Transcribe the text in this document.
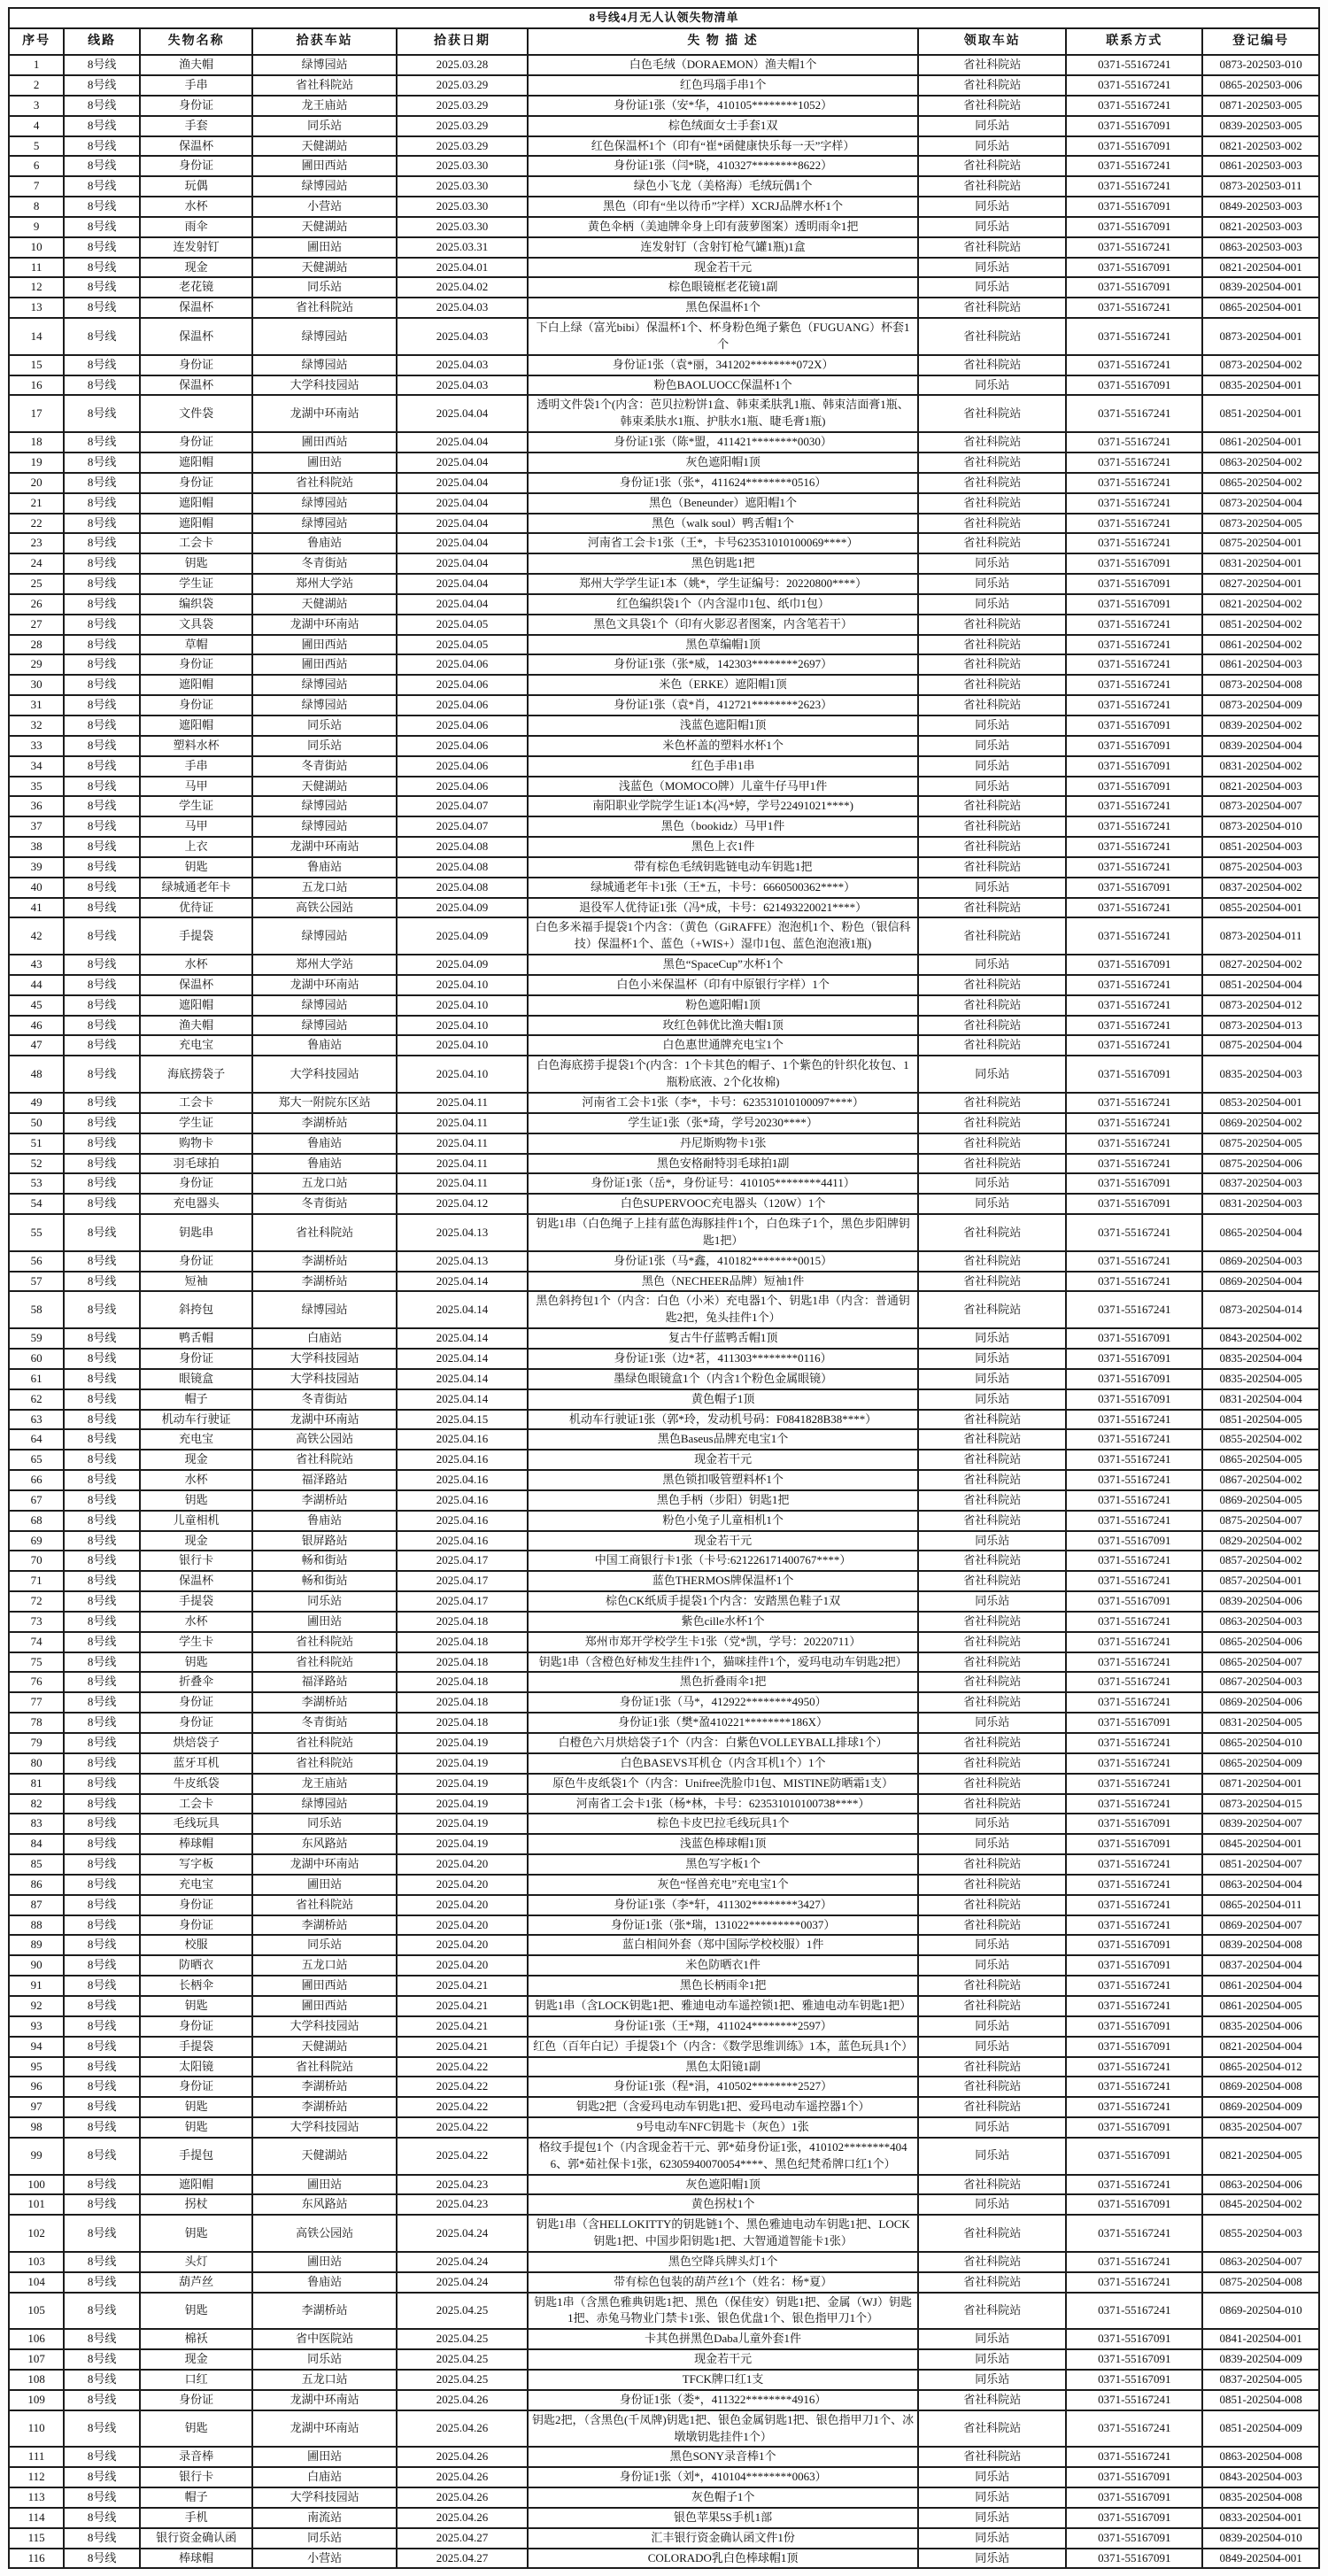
8号线4月无人认领失物清单								
序号	线路	失物名称	拾获车站	拾获日期	失 物 描 述	领取车站	联系方式	登记编号
1	8号线	渔夫帽	绿博园站	2025.03.28	白色毛绒（DORAEMON）渔夫帽1个	省社科院站	0371-55167241	0873-202503-010
2	8号线	手串	省社科院站	2025.03.29	红色玛瑙手串1个	省社科院站	0371-55167241	0865-202503-006
3	8号线	身份证	龙王庙站	2025.03.29	身份证1张（安*华，410105********1052）	省社科院站	0371-55167241	0871-202503-005
4	8号线	手套	同乐站	2025.03.29	棕色绒面女士手套1双	同乐站	0371-55167091	0839-202503-005
5	8号线	保温杯	天健湖站	2025.03.29	红色保温杯1个（印有“崔*函健康快乐每一天”字样）	同乐站	0371-55167091	0821-202503-002
6	8号线	身份证	圃田西站	2025.03.30	身份证1张（闫*晓，410327********8622）	省社科院站	0371-55167241	0861-202503-003
7	8号线	玩偶	绿博园站	2025.03.30	绿色小飞龙（美格海）毛绒玩偶1个	省社科院站	0371-55167241	0873-202503-011
8	8号线	水杯	小营站	2025.03.30	黑色（印有“坐以待币”字样）XCRJ品牌水杯1个	同乐站	0371-55167091	0849-202503-003
9	8号线	雨伞	天健湖站	2025.03.30	黄色伞柄（美迪牌伞身上印有菠萝图案）透明雨伞1把	同乐站	0371-55167091	0821-202503-003
10	8号线	连发射钉	圃田站	2025.03.31	连发射钉（含射钉枪气罐1瓶)1盒	省社科院站	0371-55167241	0863-202503-003
11	8号线	现金	天健湖站	2025.04.01	现金若干元	同乐站	0371-55167091	0821-202504-001
12	8号线	老花镜	同乐站	2025.04.02	棕色眼镜框老花镜1副	同乐站	0371-55167091	0839-202504-001
13	8号线	保温杯	省社科院站	2025.04.03	黑色保温杯1个	省社科院站	0371-55167241	0865-202504-001
14	8号线	保温杯	绿博园站	2025.04.03	下白上绿（富光bibi）保温杯1个、杯身粉色绳子紫色（FUGUANG）杯套1个	省社科院站	0371-55167241	0873-202504-001
15	8号线	身份证	绿博园站	2025.04.03	身份证1张（袁*丽，341202********072X）	省社科院站	0371-55167241	0873-202504-002
16	8号线	保温杯	大学科技园站	2025.04.03	粉色BAOLUOCC保温杯1个	同乐站	0371-55167091	0835-202504-001
17	8号线	文件袋	龙湖中环南站	2025.04.04	透明文件袋1个(内含：芭贝拉粉饼1盒、韩束柔肤乳1瓶、韩束洁面膏1瓶、韩束柔肤水1瓶、护肤水1瓶、睫毛膏1瓶)	省社科院站	0371-55167241	0851-202504-001
18	8号线	身份证	圃田西站	2025.04.04	身份证1张（陈*盟，411421********0030）	省社科院站	0371-55167241	0861-202504-001
19	8号线	遮阳帽	圃田站	2025.04.04	灰色遮阳帽1顶	省社科院站	0371-55167241	0863-202504-002
20	8号线	身份证	省社科院站	2025.04.04	身份证1张（张*，411624********0516）	省社科院站	0371-55167241	0865-202504-002
21	8号线	遮阳帽	绿博园站	2025.04.04	黑色（Beneunder）遮阳帽1个	省社科院站	0371-55167241	0873-202504-004
22	8号线	遮阳帽	绿博园站	2025.04.04	黑色（walk soul）鸭舌帽1个	省社科院站	0371-55167241	0873-202504-005
23	8号线	工会卡	鲁庙站	2025.04.04	河南省工会卡1张（王*，卡号623531010100069****）	省社科院站	0371-55167241	0875-202504-001
24	8号线	钥匙	冬青街站	2025.04.04	黑色钥匙1把	同乐站	0371-55167091	0831-202504-001
25	8号线	学生证	郑州大学站	2025.04.04	郑州大学学生证1本（姚*，学生证编号：20220800****）	同乐站	0371-55167091	0827-202504-001
26	8号线	编织袋	天健湖站	2025.04.04	红色编织袋1个（内含湿巾1包、纸巾1包）	同乐站	0371-55167091	0821-202504-002
27	8号线	文具袋	龙湖中环南站	2025.04.05	黑色文具袋1个（印有火影忍者图案，内含笔若干）	省社科院站	0371-55167241	0851-202504-002
28	8号线	草帽	圃田西站	2025.04.05	黑色草编帽1顶	省社科院站	0371-55167241	0861-202504-002
29	8号线	身份证	圃田西站	2025.04.06	身份证1张（张*威，142303********2697）	省社科院站	0371-55167241	0861-202504-003
30	8号线	遮阳帽	绿博园站	2025.04.06	米色（ERKE）遮阳帽1顶	省社科院站	0371-55167241	0873-202504-008
31	8号线	身份证	绿博园站	2025.04.06	身份证1张（袁*肖，412721********2623）	省社科院站	0371-55167241	0873-202504-009
32	8号线	遮阳帽	同乐站	2025.04.06	浅蓝色遮阳帽1顶	同乐站	0371-55167091	0839-202504-002
33	8号线	塑料水杯	同乐站	2025.04.06	米色杯盖的塑料水杯1个	同乐站	0371-55167091	0839-202504-004
34	8号线	手串	冬青街站	2025.04.06	红色手串1串	同乐站	0371-55167091	0831-202504-002
35	8号线	马甲	天健湖站	2025.04.06	浅蓝色（MOMOCO牌）儿童牛仔马甲1件	同乐站	0371-55167091	0821-202504-003
36	8号线	学生证	绿博园站	2025.04.07	南阳职业学院学生证1本(冯*婷，学号22491021****)	省社科院站	0371-55167241	0873-202504-007
37	8号线	马甲	绿博园站	2025.04.07	黑色（bookidz）马甲1件	省社科院站	0371-55167241	0873-202504-010
38	8号线	上衣	龙湖中环南站	2025.04.08	黑色上衣1件	省社科院站	0371-55167241	0851-202504-003
39	8号线	钥匙	鲁庙站	2025.04.08	带有棕色毛绒钥匙链电动车钥匙1把	省社科院站	0371-55167241	0875-202504-003
40	8号线	绿城通老年卡	五龙口站	2025.04.08	绿城通老年卡1张（王*五，卡号：6660500362****）	同乐站	0371-55167091	0837-202504-002
41	8号线	优待证	高铁公园站	2025.04.09	退役军人优待证1张（冯*成，卡号：621493220021****）	省社科院站	0371-55167241	0855-202504-001
42	8号线	手提袋	绿博园站	2025.04.09	白色多米福手提袋1个内含：（黄色（GiRAFFE）泡泡机1个、粉色（银信科技）保温杯1个、蓝色（+WIS+）湿巾1包、蓝色泡泡液1瓶)	省社科院站	0371-55167241	0873-202504-011
43	8号线	水杯	郑州大学站	2025.04.09	黑色“SpaceCup”水杯1个	同乐站	0371-55167091	0827-202504-002
44	8号线	保温杯	龙湖中环南站	2025.04.10	白色小米保温杯（印有中原银行字样）1个	省社科院站	0371-55167241	0851-202504-004
45	8号线	遮阳帽	绿博园站	2025.04.10	粉色遮阳帽1顶	省社科院站	0371-55167241	0873-202504-012
46	8号线	渔夫帽	绿博园站	2025.04.10	玫红色韩优比渔夫帽1顶	省社科院站	0371-55167241	0873-202504-013
47	8号线	充电宝	鲁庙站	2025.04.10	白色惠世通牌充电宝1个	省社科院站	0371-55167241	0875-202504-004
48	8号线	海底捞袋子	大学科技园站	2025.04.10	白色海底捞手提袋1个(内含：1个卡其色的帽子、1个紫色的针织化妆包、1瓶粉底液、2个化妆棉)	同乐站	0371-55167091	0835-202504-003
49	8号线	工会卡	郑大一附院东区站	2025.04.11	河南省工会卡1张（李*，卡号：623531010100097****）	省社科院站	0371-55167241	0853-202504-001
50	8号线	学生证	李湖桥站	2025.04.11	学生证1张（张*琦，学号20230****）	省社科院站	0371-55167241	0869-202504-002
51	8号线	购物卡	鲁庙站	2025.04.11	丹尼斯购物卡1张	省社科院站	0371-55167241	0875-202504-005
52	8号线	羽毛球拍	鲁庙站	2025.04.11	黑色安格耐特羽毛球拍1副	省社科院站	0371-55167241	0875-202504-006
53	8号线	身份证	五龙口站	2025.04.11	身份证1张（岳*，身份证号：410105********4411）	同乐站	0371-55167091	0837-202504-003
54	8号线	充电器头	冬青街站	2025.04.12	白色SUPERVOOC充电器头（120W）1个	同乐站	0371-55167091	0831-202504-003
55	8号线	钥匙串	省社科院站	2025.04.13	钥匙1串（白色绳子上挂有蓝色海豚挂件1个，白色珠子1个，黑色步阳牌钥匙1把）	省社科院站	0371-55167241	0865-202504-004
56	8号线	身份证	李湖桥站	2025.04.13	身份证1张（马*鑫，410182********0015）	省社科院站	0371-55167241	0869-202504-003
57	8号线	短袖	李湖桥站	2025.04.14	黑色（NECHEER品牌）短袖1件	省社科院站	0371-55167241	0869-202504-004
58	8号线	斜挎包	绿博园站	2025.04.14	黑色斜挎包1个（内含：白色（小米）充电器1个、钥匙1串（内含：普通钥匙2把，兔头挂件1个）	省社科院站	0371-55167241	0873-202504-014
59	8号线	鸭舌帽	白庙站	2025.04.14	复古牛仔蓝鸭舌帽1顶	同乐站	0371-55167091	0843-202504-002
60	8号线	身份证	大学科技园站	2025.04.14	身份证1张（边*茗，411303********0116）	同乐站	0371-55167091	0835-202504-004
61	8号线	眼镜盒	大学科技园站	2025.04.14	墨绿色眼镜盒1个（内含1个粉色金属眼镜）	同乐站	0371-55167091	0835-202504-005
62	8号线	帽子	冬青街站	2025.04.14	黄色帽子1顶	同乐站	0371-55167091	0831-202504-004
63	8号线	机动车行驶证	龙湖中环南站	2025.04.15	机动车行驶证1张（郭*玲，发动机号码：F0841828B38****）	省社科院站	0371-55167241	0851-202504-005
64	8号线	充电宝	高铁公园站	2025.04.16	黑色Baseus品牌充电宝1个	省社科院站	0371-55167241	0855-202504-002
65	8号线	现金	省社科院站	2025.04.16	现金若干元	省社科院站	0371-55167241	0865-202504-005
66	8号线	水杯	福泽路站	2025.04.16	黑色锁扣吸管塑料杯1个	省社科院站	0371-55167241	0867-202504-002
67	8号线	钥匙	李湖桥站	2025.04.16	黑色手柄（步阳）钥匙1把	省社科院站	0371-55167241	0869-202504-005
68	8号线	儿童相机	鲁庙站	2025.04.16	粉色小兔子儿童相机1个	省社科院站	0371-55167241	0875-202504-007
69	8号线	现金	银屏路站	2025.04.16	现金若干元	同乐站	0371-55167091	0829-202504-002
70	8号线	银行卡	畅和街站	2025.04.17	中国工商银行卡1张（卡号:621226171400767****）	省社科院站	0371-55167241	0857-202504-002
71	8号线	保温杯	畅和街站	2025.04.17	蓝色THERMOS牌保温杯1个	省社科院站	0371-55167241	0857-202504-001
72	8号线	手提袋	同乐站	2025.04.17	棕色CK纸质手提袋1个内含：安踏黑色鞋子1双	同乐站	0371-55167091	0839-202504-006
73	8号线	水杯	圃田站	2025.04.18	紫色cille水杯1个	省社科院站	0371-55167241	0863-202504-003
74	8号线	学生卡	省社科院站	2025.04.18	郑州市郑开学校学生卡1张（党*凯，学号：20220711）	省社科院站	0371-55167241	0865-202504-006
75	8号线	钥匙	省社科院站	2025.04.18	钥匙1串（含橙色好柿发生挂件1个，猫咪挂件1个，爱玛电动车钥匙2把）	省社科院站	0371-55167241	0865-202504-007
76	8号线	折叠伞	福泽路站	2025.04.18	黑色折叠雨伞1把	省社科院站	0371-55167241	0867-202504-003
77	8号线	身份证	李湖桥站	2025.04.18	身份证1张（马*，412922********4950）	省社科院站	0371-55167241	0869-202504-006
78	8号线	身份证	冬青街站	2025.04.18	身份证1张（樊*盈410221********186X）	同乐站	0371-55167091	0831-202504-005
79	8号线	烘焙袋子	省社科院站	2025.04.19	白橙色六月烘焙袋子1个（内含：白紫色VOLLEYBALL排球1个）	省社科院站	0371-55167241	0865-202504-010
80	8号线	蓝牙耳机	省社科院站	2025.04.19	白色BASEVS耳机仓（内含耳机1个）1个	省社科院站	0371-55167241	0865-202504-009
81	8号线	牛皮纸袋	龙王庙站	2025.04.19	原色牛皮纸袋1个（内含：Unifree洗脸巾1包、MISTINE防晒霜1支）	省社科院站	0371-55167241	0871-202504-001
82	8号线	工会卡	绿博园站	2025.04.19	河南省工会卡1张（杨*林，卡号：623531010100738****）	省社科院站	0371-55167241	0873-202504-015
83	8号线	毛线玩具	同乐站	2025.04.19	棕色卡皮巴拉毛线玩具1个	同乐站	0371-55167091	0839-202504-007
84	8号线	棒球帽	东风路站	2025.04.19	浅蓝色棒球帽1顶	同乐站	0371-55167091	0845-202504-001
85	8号线	写字板	龙湖中环南站	2025.04.20	黑色写字板1个	省社科院站	0371-55167241	0851-202504-007
86	8号线	充电宝	圃田站	2025.04.20	灰色“怪兽充电”充电宝1个	省社科院站	0371-55167241	0863-202504-004
87	8号线	身份证	省社科院站	2025.04.20	身份证1张（李*轩，411302********3427）	省社科院站	0371-55167241	0865-202504-011
88	8号线	身份证	李湖桥站	2025.04.20	身份证1张（张*瑞，131022*********0037）	省社科院站	0371-55167241	0869-202504-007
89	8号线	校服	同乐站	2025.04.20	蓝白相间外套（郑中国际学校校服）1件	同乐站	0371-55167091	0839-202504-008
90	8号线	防晒衣	五龙口站	2025.04.20	米色防晒衣1件	同乐站	0371-55167091	0837-202504-004
91	8号线	长柄伞	圃田西站	2025.04.21	黑色长柄雨伞1把	省社科院站	0371-55167241	0861-202504-004
92	8号线	钥匙	圃田西站	2025.04.21	钥匙1串（含LOCK钥匙1把、雅迪电动车遥控锁1把、雅迪电动车钥匙1把）	省社科院站	0371-55167241	0861-202504-005
93	8号线	身份证	大学科技园站	2025.04.21	身份证1张（王*翔，411024********2597）	同乐站	0371-55167091	0835-202504-006
94	8号线	手提袋	天健湖站	2025.04.21	红色（百年白记）手提袋1个（内含：《数学思维训练》1本，蓝色玩具1个）	同乐站	0371-55167091	0821-202504-004
95	8号线	太阳镜	省社科院站	2025.04.22	黑色太阳镜1副	省社科院站	0371-55167241	0865-202504-012
96	8号线	身份证	李湖桥站	2025.04.22	身份证1张（程*涓，410502********2527）	省社科院站	0371-55167241	0869-202504-008
97	8号线	钥匙	李湖桥站	2025.04.22	钥匙2把（含爱玛电动车钥匙1把、爱玛电动车遥控器1个）	省社科院站	0371-55167241	0869-202504-009
98	8号线	钥匙	大学科技园站	2025.04.22	9号电动车NFC钥匙卡（灰色）1张	同乐站	0371-55167091	0835-202504-007
99	8号线	手提包	天健湖站	2025.04.22	格纹手提包1个（内含现金若干元、郭*茹身份证1张，410102********4046、郭*茹社保卡1张，62305940070054****、黑色纪梵希牌口红1个）	同乐站	0371-55167091	0821-202504-005
100	8号线	遮阳帽	圃田站	2025.04.23	灰色遮阳帽1顶	省社科院站	0371-55167241	0863-202504-006
101	8号线	拐杖	东风路站	2025.04.23	黄色拐杖1个	同乐站	0371-55167091	0845-202504-002
102	8号线	钥匙	高铁公园站	2025.04.24	钥匙1串（含HELLOKITTY的钥匙链1个、黑色雅迪电动车钥匙1把、LOCK钥匙1把、中国步阳钥匙1把、大智通道智能卡1张）	省社科院站	0371-55167241	0855-202504-003
103	8号线	头灯	圃田站	2025.04.24	黑色空降兵牌头灯1个	省社科院站	0371-55167241	0863-202504-007
104	8号线	葫芦丝	鲁庙站	2025.04.24	带有棕色包装的葫芦丝1个（姓名：杨*夏）	省社科院站	0371-55167241	0875-202504-008
105	8号线	钥匙	李湖桥站	2025.04.25	钥匙1串（含黑色雅典钥匙1把、黑色（保佳安）钥匙1把、金属（WJ）钥匙1把、赤兔马物业门禁卡1张、银色优盘1个、银色指甲刀1个）	省社科院站	0371-55167241	0869-202504-010
106	8号线	棉袄	省中医院站	2025.04.25	卡其色拼黑色Daba儿童外套1件	同乐站	0371-55167091	0841-202504-001
107	8号线	现金	同乐站	2025.04.25	现金若干元	同乐站	0371-55167091	0839-202504-009
108	8号线	口红	五龙口站	2025.04.25	TFCK牌口红1支	同乐站	0371-55167091	0837-202504-005
109	8号线	身份证	龙湖中环南站	2025.04.26	身份证1张（娄*，411322********4916）	省社科院站	0371-55167241	0851-202504-008
110	8号线	钥匙	龙湖中环南站	2025.04.26	钥匙2把，（含黑色(千凤牌)钥匙1把、银色金属钥匙1把、银色指甲刀1个、冰墩墩钥匙挂件1个）	省社科院站	0371-55167241	0851-202504-009
111	8号线	录音棒	圃田站	2025.04.26	黑色SONY录音棒1个	省社科院站	0371-55167241	0863-202504-008
112	8号线	银行卡	白庙站	2025.04.26	身份证1张（刘*，410104********0063）	同乐站	0371-55167091	0843-202504-003
113	8号线	帽子	大学科技园站	2025.04.26	灰色帽子1个	同乐站	0371-55167091	0835-202504-008
114	8号线	手机	南流站	2025.04.26	银色苹果5S手机1部	同乐站	0371-55167091	0833-202504-001
115	8号线	银行资金确认函	同乐站	2025.04.27	汇丰银行资金确认函文件1份	同乐站	0371-55167091	0839-202504-010
116	8号线	棒球帽	小营站	2025.04.27	COLORADO乳白色棒球帽1顶	同乐站	0371-55167091	0849-202504-001
